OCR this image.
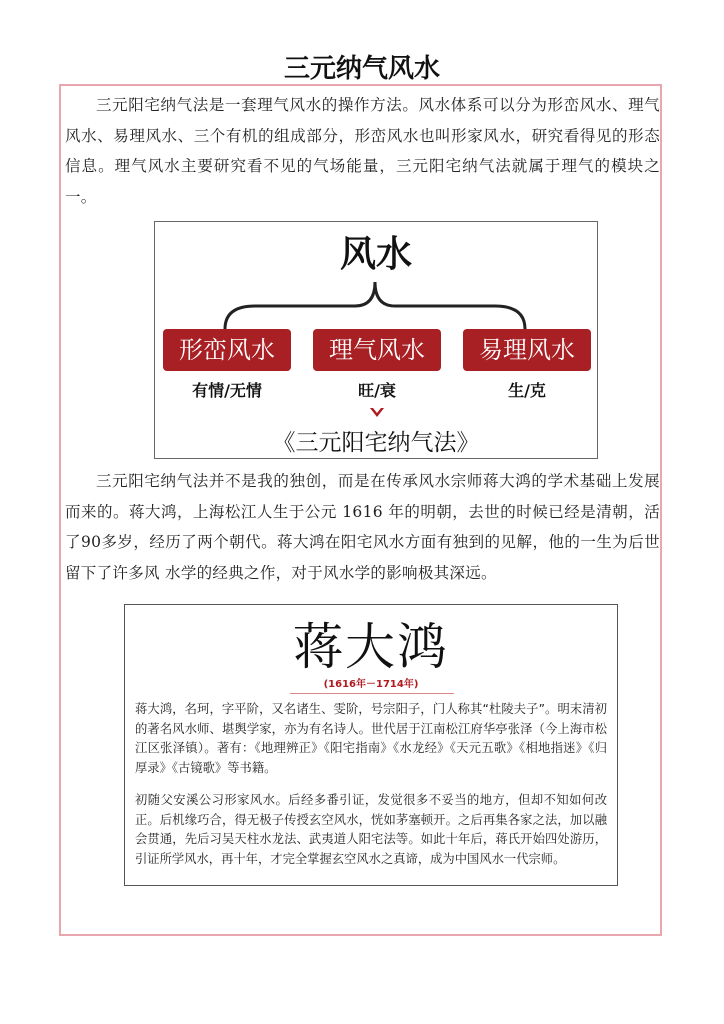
三元纳气风水

三元阳宅纳气法是一套理气风水的操作方法。风水体系可以分为形峦风水、理气风水、易理风水、三个有机的组成部分，形峦风水也叫形家风水，研究看得见的形态信息。理气风水主要研究看不见的气场能量，三元阳宅纳气法就属于理气的模块之一。

风水
形峦风水	理气风水	易理风水
有情/无情	旺/衰	生/克
《三元阳宅纳气法》

三元阳宅纳气法并不是我的独创，而是在传承风水宗师蒋大鸿的学术基础上发展而来的。蒋大鸿，上海松江人生于公元 1616 年的明朝，去世的时候已经是清朝，活了90多岁，经历了两个朝代。蒋大鸿在阳宅风水方面有独到的见解，他的一生为后世留下了许多风 水学的经典之作，对于风水学的影响极其深远。

蒋大鸿
(1616年－1714年)

蒋大鸿，名珂，字平阶，又名诸生、雯阶，号宗阳子，门人称其“杜陵夫子”。明末清初的著名风水师、堪舆学家，亦为有名诗人。世代居于江南松江府华亭张泽（今上海市松江区张泽镇）。著有：《地理辨正》《阳宅指南》《水龙经》《天元五歌》《相地指迷》《归厚录》《古镜歌》等书籍。

初随父安溪公习形家风水。后经多番引证，发觉很多不妥当的地方，但却不知如何改正。后机缘巧合，得无极子传授玄空风水，恍如茅塞顿开。之后再集各家之法，加以融会贯通，先后习吴天柱水龙法、武夷道人阳宅法等。如此十年后，蒋氏开始四处游历，引证所学风水，再十年，才完全掌握玄空风水之真谛，成为中国风水一代宗师。
